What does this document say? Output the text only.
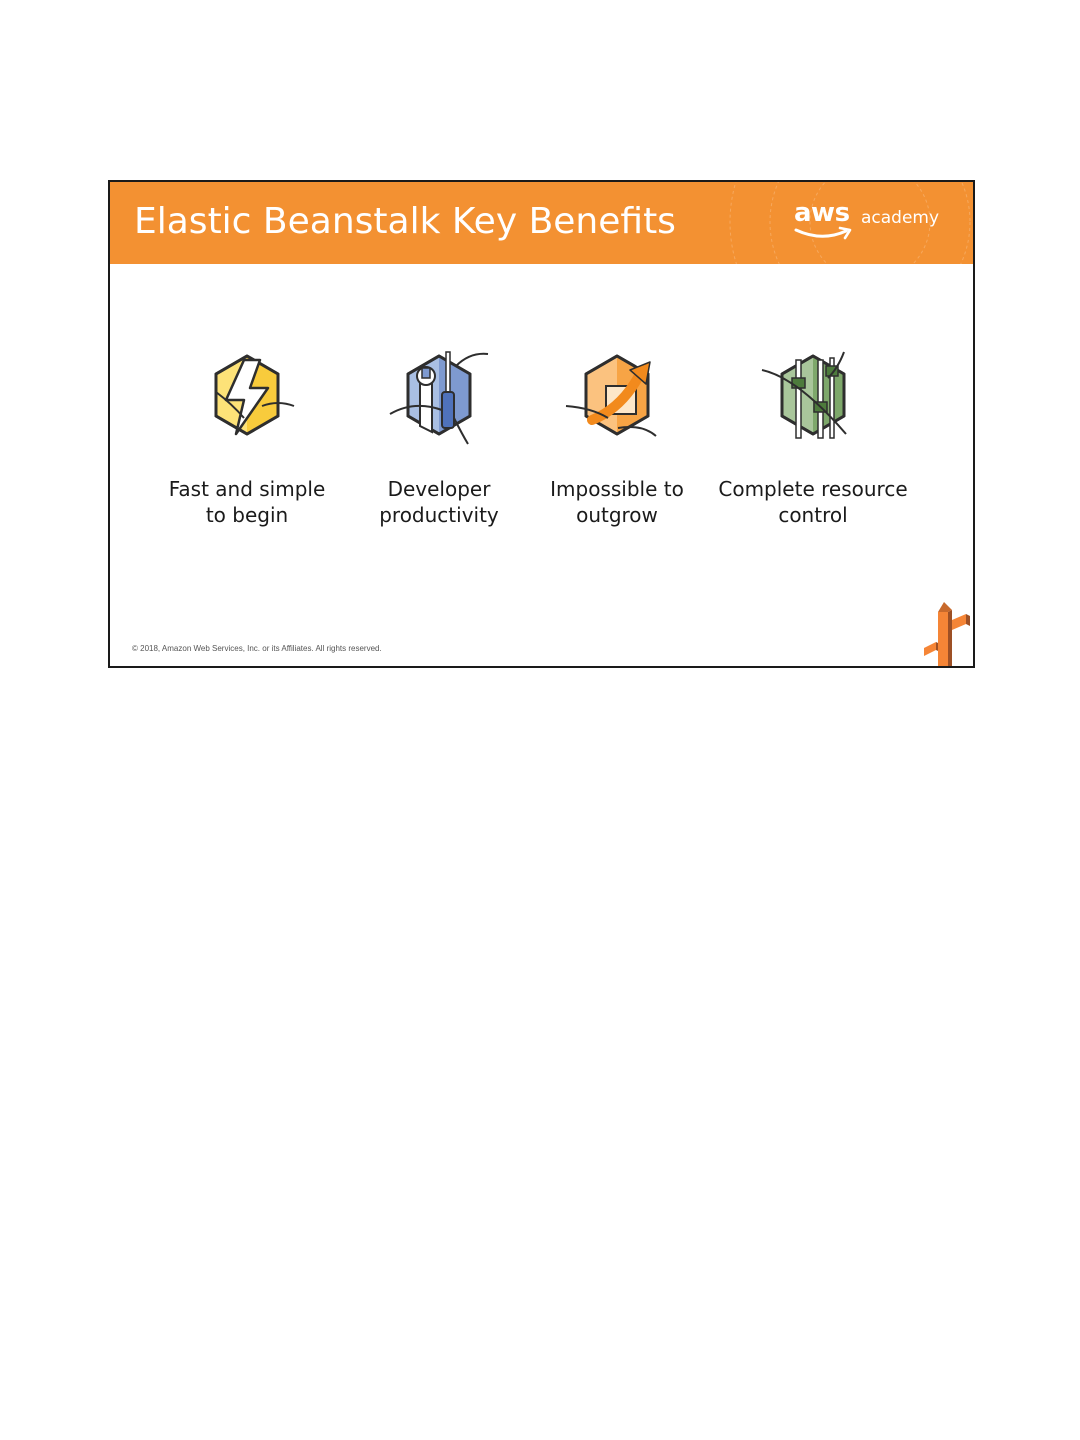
Elastic Beanstalk Key Benefits	aws academy
Fast and simple
to begin
Developer
productivity
Impossible to
outgrow
Complete resource
control
© 2018, Amazon Web Services, Inc. or its Affiliates. All rights reserved.
